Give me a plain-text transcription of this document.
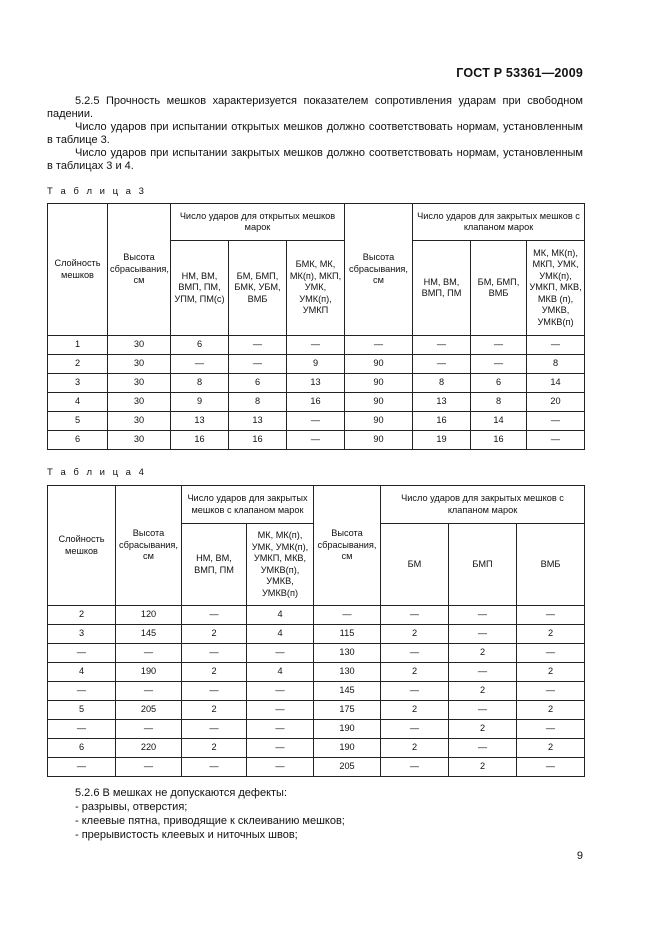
ГОСТ Р 53361—2009
5.2.5 Прочность мешков характеризуется показателем сопротивления ударам при свободном падении.
Число ударов при испытании открытых мешков должно соответствовать нормам, установленным в таблице 3.
Число ударов при испытании закрытых мешков должно соответствовать нормам, установленным в таблицах 3 и 4.
Т а б л и ц а 3
Слойность мешков	Высота сбрасывания, см	Число ударов для открытых мешков марок			Высота сбрасывания, см	Число ударов для закрытых мешков с клапаном марок		
		НМ, ВМ, ВМП, ПМ, УПМ, ПМ(с)	БМ, БМП, БМК, УБМ, ВМБ	БМК, МК, МК(п), МКП, УМК, УМК(п), УМКП		НМ, ВМ, ВМП, ПМ	БМ, БМП, ВМБ	МК, МК(п), МКП, УМК, УМК(п), УМКП, МКВ, МКВ (п), УМКВ, УМКВ(п)
1	30	6	—	—	—	—	—	—
2	30	—	—	9	90	—	—	8
3	30	8	6	13	90	8	6	14
4	30	9	8	16	90	13	8	20
5	30	13	13	—	90	16	14	—
6	30	16	16	—	90	19	16	—
Т а б л и ц а 4
Слойность мешков	Высота сбрасывания, см	Число ударов для закрытых мешков с клапаном марок		Высота сбрасывания, см	Число ударов для закрытых мешков с клапаном марок		
		НМ, ВМ, ВМП, ПМ	МК, МК(п), УМК, УМК(п), УМКП, МКВ, УМКВ(п), УМКВ, УМКВ(п)		БМ	БМП	ВМБ
2	120	—	4	—	—	—	—
3	145	2	4	115	2	—	2
—	—	—	—	130	—	2	—
4	190	2	4	130	2	—	2
—	—	—	—	145	—	2	—
5	205	2	—	175	2	—	2
—	—	—	—	190	—	2	—
6	220	2	—	190	2	—	2
—	—	—	—	205	—	2	—
5.2.6 В мешках не допускаются дефекты:
- разрывы, отверстия;
- клеевые пятна, приводящие к склеиванию мешков;
- прерывистость клеевых и ниточных швов;
9
